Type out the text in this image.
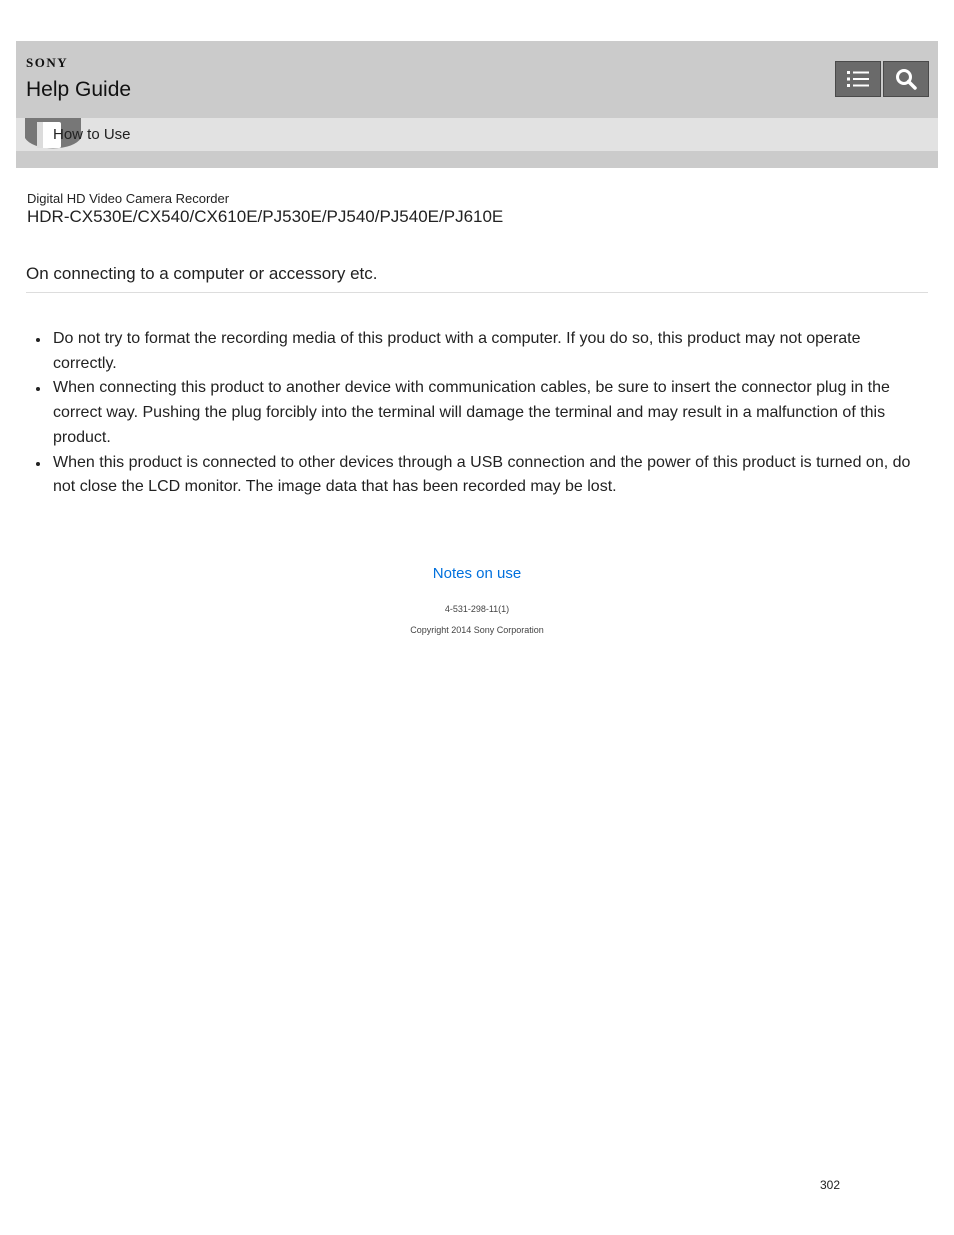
SONY
Help Guide
How to Use
Digital HD Video Camera Recorder
HDR-CX530E/CX540/CX610E/PJ530E/PJ540/PJ540E/PJ610E
On connecting to a computer or accessory etc.
Do not try to format the recording media of this product with a computer. If you do so, this product may not operate correctly.
When connecting this product to another device with communication cables, be sure to insert the connector plug in the correct way. Pushing the plug forcibly into the terminal will damage the terminal and may result in a malfunction of this product.
When this product is connected to other devices through a USB connection and the power of this product is turned on, do not close the LCD monitor. The image data that has been recorded may be lost.
Notes on use
4-531-298-11(1)
Copyright 2014 Sony Corporation
302
